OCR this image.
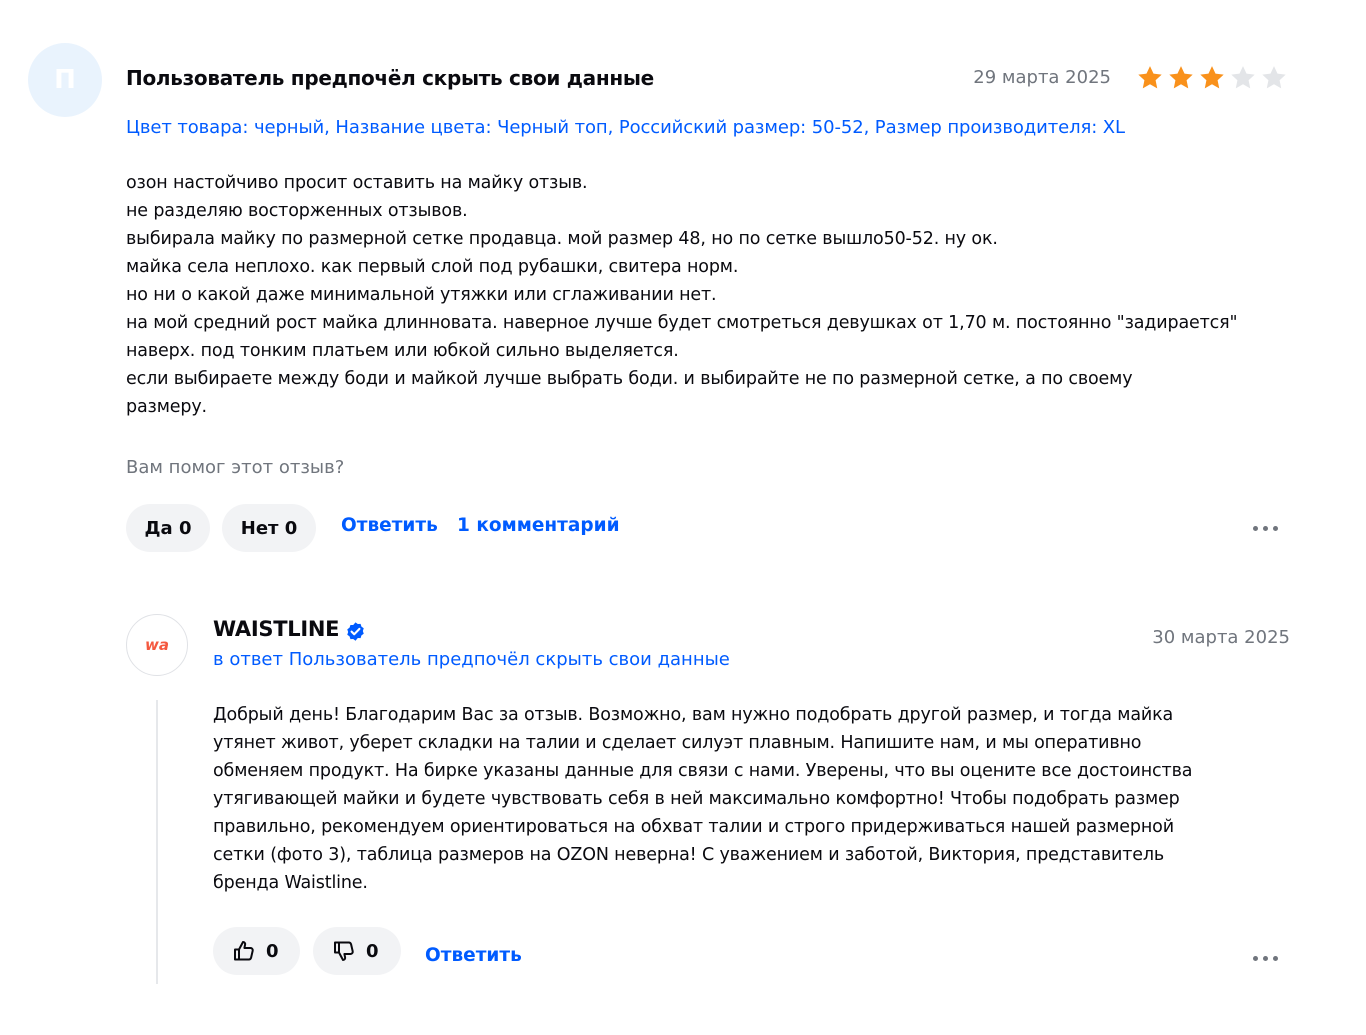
П	Пользователь предпочёл скрыть свои данные	29 марта 2025
Цвет товара: черный, Название цвета: Черный топ, Российский размер: 50-52, Размер производителя: XL
озон настойчиво просит оставить на майку отзыв.
не разделяю восторженных отзывов.
выбирала майку по размерной сетке продавца. мой размер 48, но по сетке вышло50-52. ну ок.
майка села неплохо. как первый слой под рубашки, свитера норм.
но ни о какой даже минимальной утяжки или сглаживании нет.
на мой средний рост майка длинновата. наверное лучше будет смотреться девушках от 1,70 м. постоянно "задирается"
наверх. под тонким платьем или юбкой сильно выделяется.
если выбираете между боди и майкой лучше выбрать боди. и выбирайте не по размерной сетке, а по своему
размеру.
Вам помог этот отзыв?
Да 0	Нет 0 Ответить 1 комментарий
wa
WAISTLINE
в ответ Пользователь предпочёл скрыть свои данные
30 марта 2025
Добрый день! Благодарим Вас за отзыв. Возможно, вам нужно подобрать другой размер, и тогда майка
утянет живот, уберет складки на талии и сделает силуэт плавным. Напишите нам, и мы оперативно
обменяем продукт. На бирке указаны данные для связи с нами. Уверены, что вы оцените все достоинства
утягивающей майки и будете чувствовать себя в ней максимально комфортно! Чтобы подобрать размер
правильно, рекомендуем ориентироваться на обхват талии и строго придерживаться нашей размерной
сетки (фото 3), таблица размеров на OZON неверна! С уважением и заботой, Виктория, представитель
бренда Waistline.
0	0	Ответить
